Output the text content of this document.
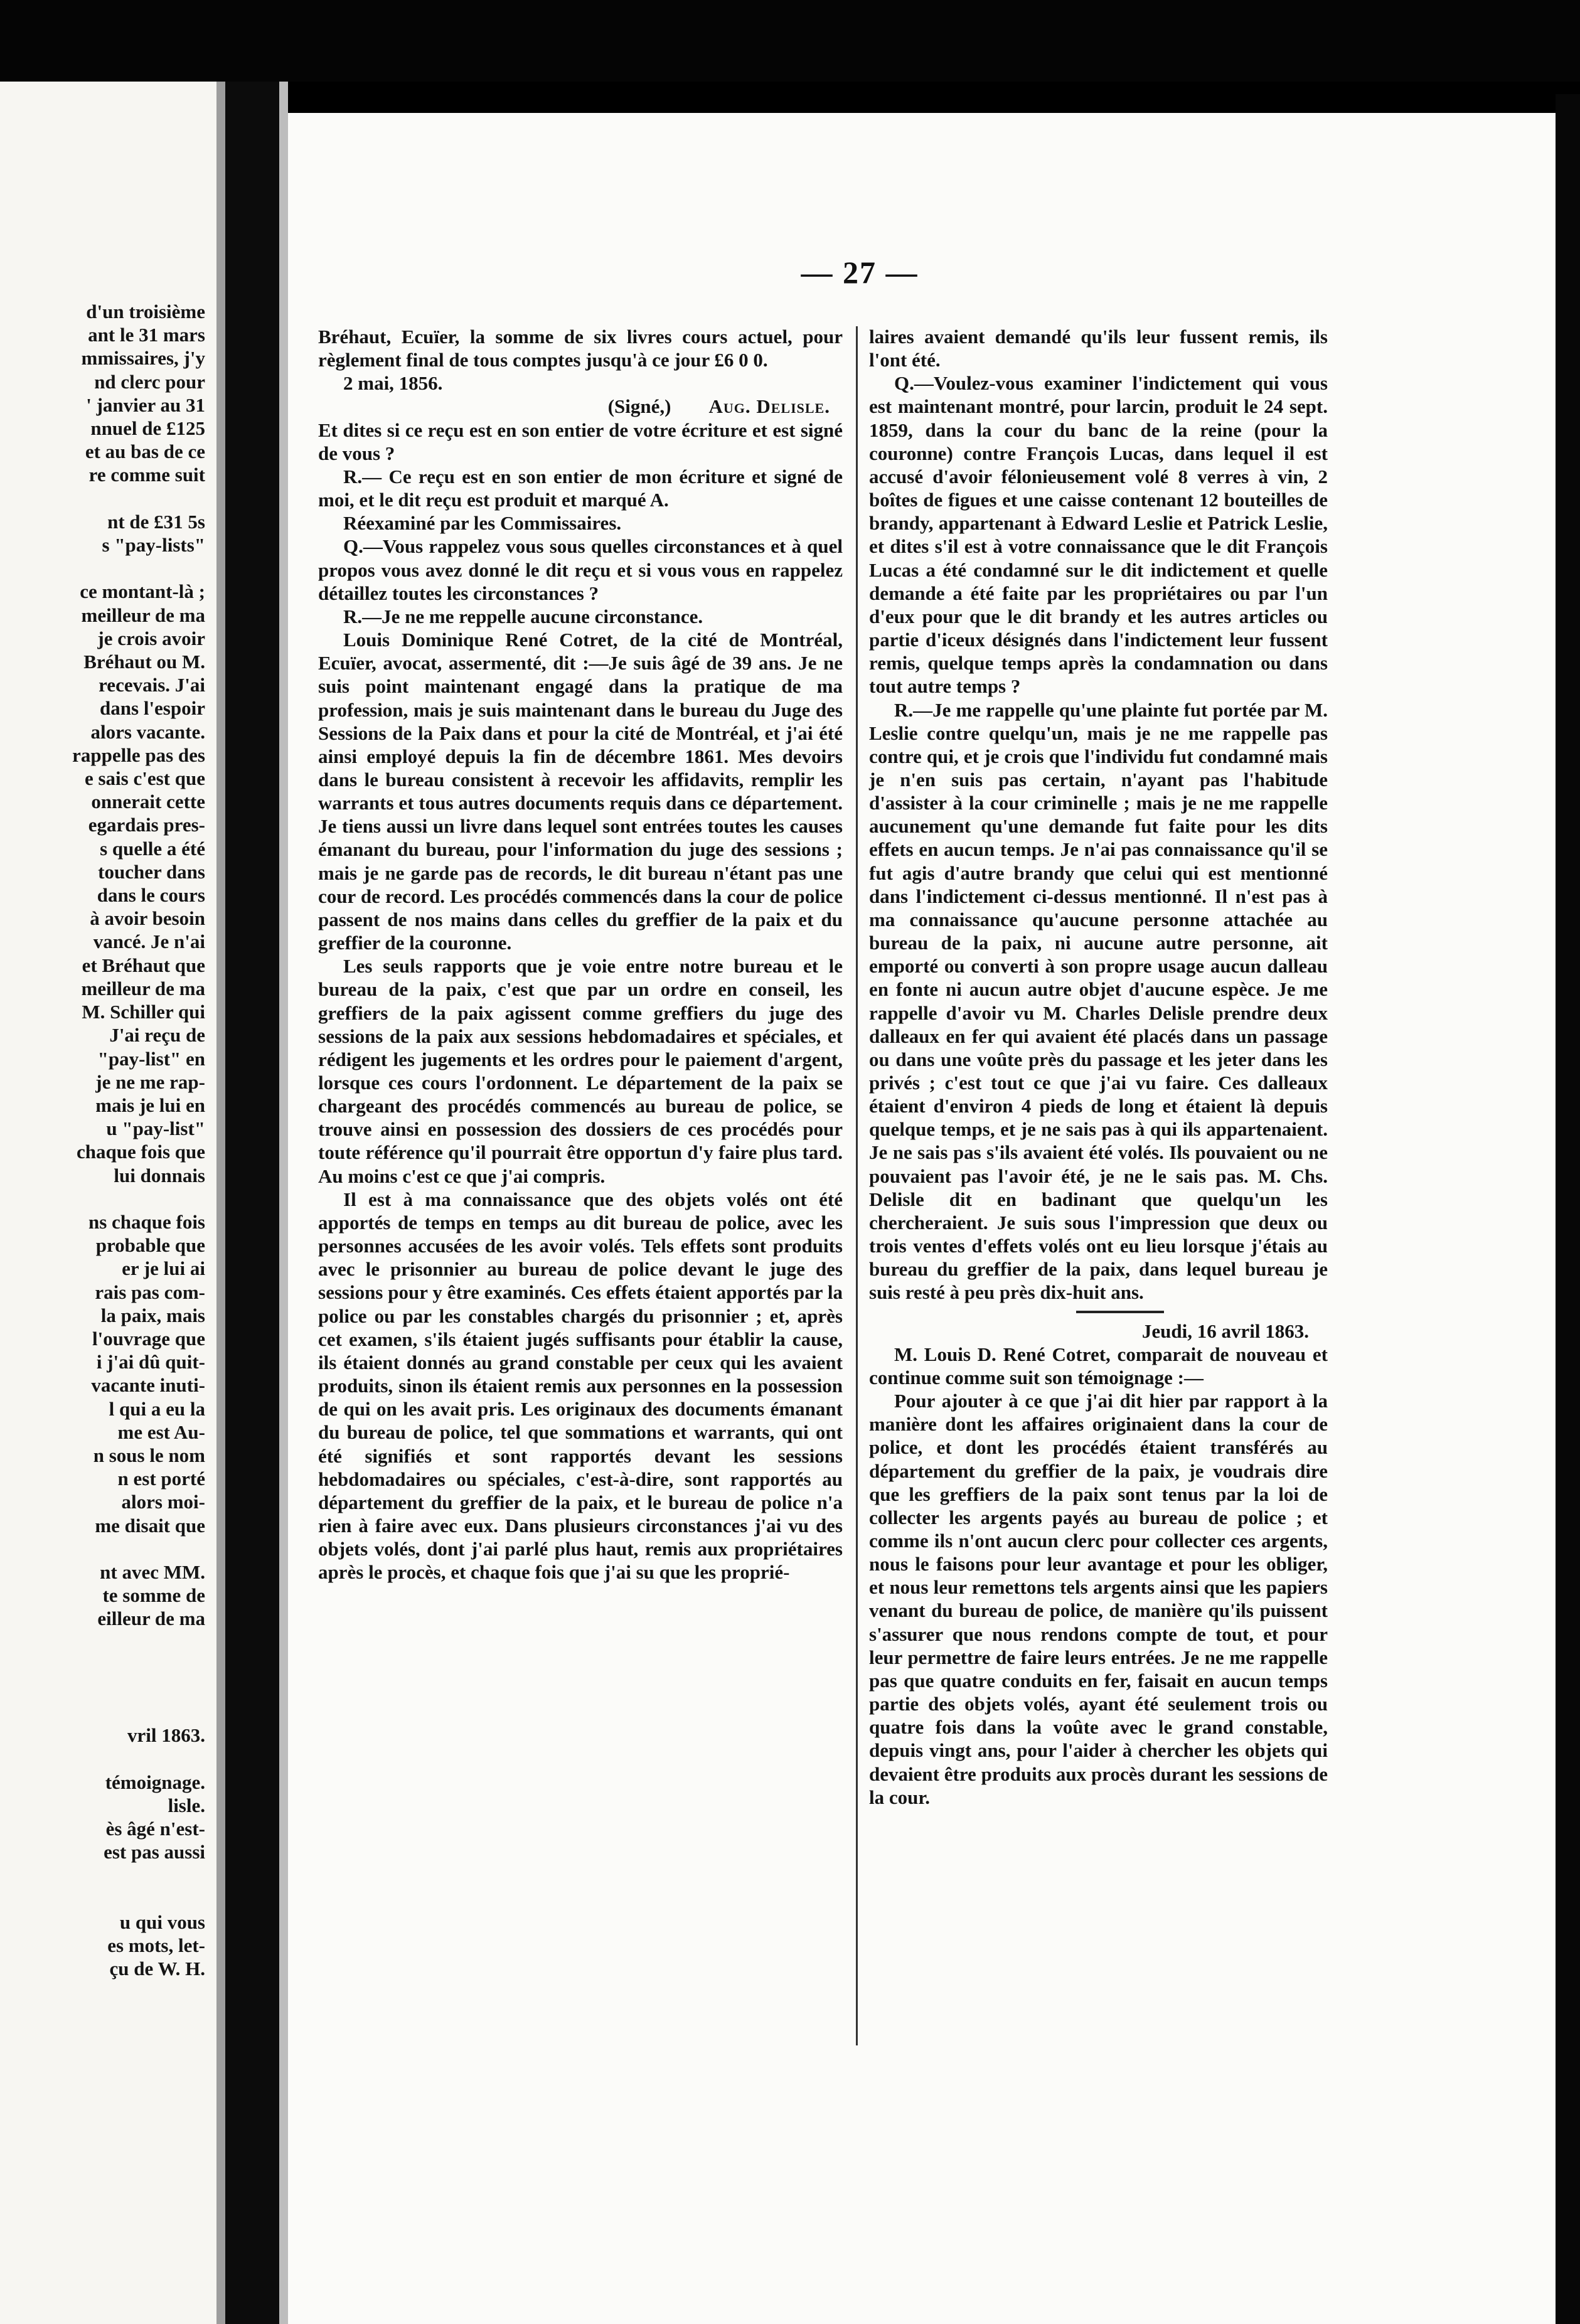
d'un troisième
ant le 31 mars
mmissaires, j'y
nd clerc pour
' janvier au 31
nnuel de £125
et au bas de ce
re comme suit

nt de £31 5s
s "pay-lists"

ce montant-là ;
meilleur de ma
je crois avoir
Bréhaut ou M.
recevais. J'ai
dans l'espoir
alors vacante.
rappelle pas des
e sais c'est que
onnerait cette
egardais pres-
s quelle a été
toucher dans
dans le cours
à avoir besoin
vancé. Je n'ai
et Bréhaut que
meilleur de ma
M. Schiller qui
J'ai reçu de
"pay-list" en
je ne me rap-
mais je lui en
u "pay-list"
chaque fois que
lui donnais

ns chaque fois
probable que
er je lui ai
rais pas com-
la paix, mais
l'ouvrage que
i j'ai dû quit-
vacante inuti-
l qui a eu la
me est Au-
n sous le nom
n est porté
alors moi-
me disait que

nt avec MM.
te somme de
eilleur de ma

vril 1863.

témoignage.
lisle.
ès âgé n'est-
est pas aussi

u qui vous
es mots, let-
çu de W. H.
— 27 —

Bréhaut, Ecuïer, la somme de six livres cours actuel, pour règlement final de tous comptes jusqu'à ce jour £6 0 0.

2 mai, 1856.

(Signé,) Aug. Delisle.

Et dites si ce reçu est en son entier de votre écriture et est signé de vous ?

R.— Ce reçu est en son entier de mon écriture et signé de moi, et le dit reçu est produit et marqué A.

Réexaminé par les Commissaires.

Q.—Vous rappelez vous sous quelles circonstances et à quel propos vous avez donné le dit reçu et si vous vous en rappelez détaillez toutes les circonstances ?

R.—Je ne me reppelle aucune circonstance.

Louis Dominique René Cotret, de la cité de Montréal, Ecuïer, avocat, assermenté, dit :—Je suis âgé de 39 ans. Je ne suis point maintenant engagé dans la pratique de ma profession, mais je suis maintenant dans le bureau du Juge des Sessions de la Paix dans et pour la cité de Montréal, et j'ai été ainsi employé depuis la fin de décembre 1861. Mes devoirs dans le bureau consistent à recevoir les affidavits, remplir les warrants et tous autres documents requis dans ce département. Je tiens aussi un livre dans lequel sont entrées toutes les causes émanant du bureau, pour l'information du juge des sessions ; mais je ne garde pas de records, le dit bureau n'étant pas une cour de record. Les procédés commencés dans la cour de police passent de nos mains dans celles du greffier de la paix et du greffier de la couronne.

Les seuls rapports que je voie entre notre bureau et le bureau de la paix, c'est que par un ordre en conseil, les greffiers de la paix agissent comme greffiers du juge des sessions de la paix aux sessions hebdomadaires et spéciales, et rédigent les jugements et les ordres pour le paiement d'argent, lorsque ces cours l'ordonnent. Le département de la paix se chargeant des procédés commencés au bureau de police, se trouve ainsi en possession des dossiers de ces procédés pour toute référence qu'il pourrait être opportun d'y faire plus tard. Au moins c'est ce que j'ai compris.

Il est à ma connaissance que des objets volés ont été apportés de temps en temps au dit bureau de police, avec les personnes accusées de les avoir volés. Tels effets sont produits avec le prisonnier au bureau de police devant le juge des sessions pour y être examinés. Ces effets étaient apportés par la police ou par les constables chargés du prisonnier ; et, après cet examen, s'ils étaient jugés suffisants pour établir la cause, ils étaient donnés au grand constable per ceux qui les avaient produits, sinon ils étaient remis aux personnes en la possession de qui on les avait pris. Les originaux des documents émanant du bureau de police, tel que sommations et warrants, qui ont été signifiés et sont rapportés devant les sessions hebdomadaires ou spéciales, c'est-à-dire, sont rapportés au département du greffier de la paix, et le bureau de police n'a rien à faire avec eux. Dans plusieurs circonstances j'ai vu des objets volés, dont j'ai parlé plus haut, remis aux propriétaires après le procès, et chaque fois que j'ai su que les proprié-

laires avaient demandé qu'ils leur fussent remis, ils l'ont été.

Q.—Voulez-vous examiner l'indictement qui vous est maintenant montré, pour larcin, produit le 24 sept. 1859, dans la cour du banc de la reine (pour la couronne) contre François Lucas, dans lequel il est accusé d'avoir félonieusement volé 8 verres à vin, 2 boîtes de figues et une caisse contenant 12 bouteilles de brandy, appartenant à Edward Leslie et Patrick Leslie, et dites s'il est à votre connaissance que le dit François Lucas a été condamné sur le dit indictement et quelle demande a été faite par les propriétaires ou par l'un d'eux pour que le dit brandy et les autres articles ou partie d'iceux désignés dans l'indictement leur fussent remis, quelque temps après la condamnation ou dans tout autre temps ?

R.—Je me rappelle qu'une plainte fut portée par M. Leslie contre quelqu'un, mais je ne me rappelle pas contre qui, et je crois que l'individu fut condamné mais je n'en suis pas certain, n'ayant pas l'habitude d'assister à la cour criminelle ; mais je ne me rappelle aucunement qu'une demande fut faite pour les dits effets en aucun temps. Je n'ai pas connaissance qu'il se fut agis d'autre brandy que celui qui est mentionné dans l'indictement ci-dessus mentionné. Il n'est pas à ma connaissance qu'aucune personne attachée au bureau de la paix, ni aucune autre personne, ait emporté ou converti à son propre usage aucun dalleau en fonte ni aucun autre objet d'aucune espèce. Je me rappelle d'avoir vu M. Charles Delisle prendre deux dalleaux en fer qui avaient été placés dans un passage ou dans une voûte près du passage et les jeter dans les privés ; c'est tout ce que j'ai vu faire. Ces dalleaux étaient d'environ 4 pieds de long et étaient là depuis quelque temps, et je ne sais pas à qui ils appartenaient. Je ne sais pas s'ils avaient été volés. Ils pouvaient ou ne pouvaient pas l'avoir été, je ne le sais pas. M. Chs. Delisle dit en badinant que quelqu'un les chercheraient. Je suis sous l'impression que deux ou trois ventes d'effets volés ont eu lieu lorsque j'étais au bureau du greffier de la paix, dans lequel bureau je suis resté à peu près dix-huit ans.

Jeudi, 16 avril 1863.

M. Louis D. René Cotret, comparait de nouveau et continue comme suit son témoignage :—

Pour ajouter à ce que j'ai dit hier par rapport à la manière dont les affaires originaient dans la cour de police, et dont les procédés étaient transférés au département du greffier de la paix, je voudrais dire que les greffiers de la paix sont tenus par la loi de collecter les argents payés au bureau de police ; et comme ils n'ont aucun clerc pour collecter ces argents, nous le faisons pour leur avantage et pour les obliger, et nous leur remettons tels argents ainsi que les papiers venant du bureau de police, de manière qu'ils puissent s'assurer que nous rendons compte de tout, et pour leur permettre de faire leurs entrées. Je ne me rappelle pas que quatre conduits en fer, faisait en aucun temps partie des objets volés, ayant été seulement trois ou quatre fois dans la voûte avec le grand constable, depuis vingt ans, pour l'aider à chercher les objets qui devaient être produits aux procès durant les sessions de la cour.
